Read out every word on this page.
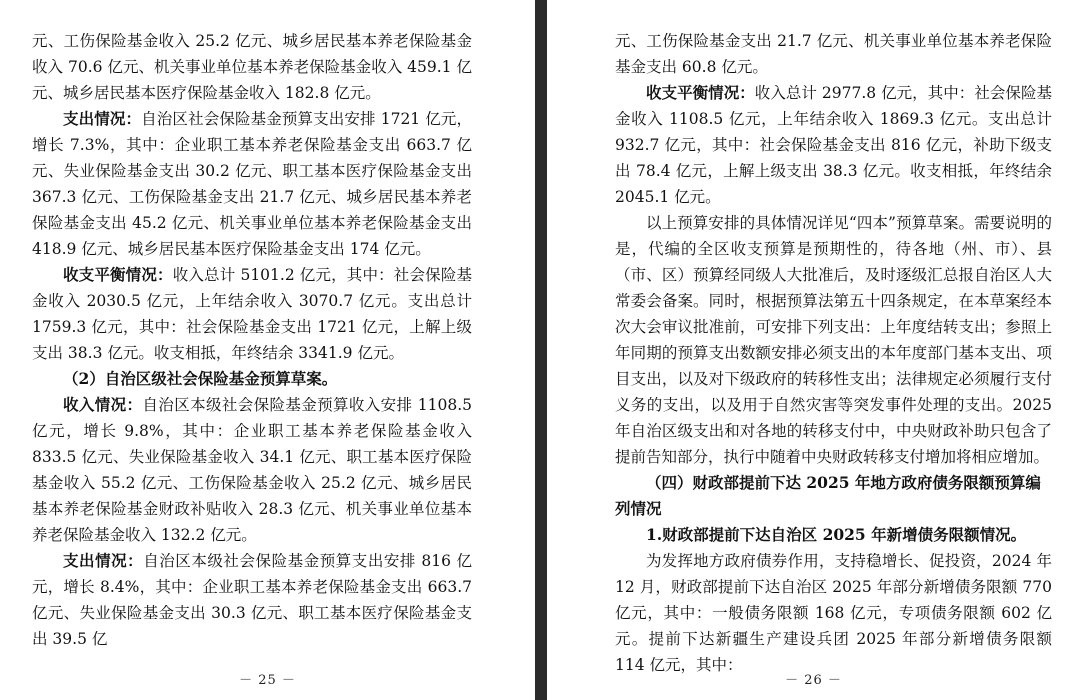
元、工伤保险基金收入 25.2 亿元、城乡居民基本养老保险基金收入 70.6 亿元、机关事业单位基本养老保险基金收入 459.1 亿元、城乡居民基本医疗保险基金收入 182.8 亿元。

支出情况：自治区社会保险基金预算支出安排 1721 亿元，增长 7.3%，其中：企业职工基本养老保险基金支出 663.7 亿元、失业保险基金支出 30.2 亿元、职工基本医疗保险基金支出 367.3 亿元、工伤保险基金支出 21.7 亿元、城乡居民基本养老保险基金支出 45.2 亿元、机关事业单位基本养老保险基金支出 418.9 亿元、城乡居民基本医疗保险基金支出 174 亿元。

收支平衡情况：收入总计 5101.2 亿元，其中：社会保险基金收入 2030.5 亿元，上年结余收入 3070.7 亿元。支出总计 1759.3 亿元，其中：社会保险基金支出 1721 亿元，上解上级支出 38.3 亿元。收支相抵，年终结余 3341.9 亿元。

（2）自治区级社会保险基金预算草案。

收入情况：自治区本级社会保险基金预算收入安排 1108.5 亿元，增长 9.8%，其中：企业职工基本养老保险基金收入 833.5 亿元、失业保险基金收入 34.1 亿元、职工基本医疗保险基金收入 55.2 亿元、工伤保险基金收入 25.2 亿元、城乡居民基本养老保险基金财政补贴收入 28.3 亿元、机关事业单位基本养老保险基金收入 132.2 亿元。

支出情况：自治区本级社会保险基金预算支出安排 816 亿元，增长 8.4%，其中：企业职工基本养老保险基金支出 663.7 亿元、失业保险基金支出 30.3 亿元、职工基本医疗保险基金支出 39.5 亿

－ 25 －	－ 26 －

元、工伤保险基金支出 21.7 亿元、机关事业单位基本养老保险基金支出 60.8 亿元。

收支平衡情况：收入总计 2977.8 亿元，其中：社会保险基金收入 1108.5 亿元，上年结余收入 1869.3 亿元。支出总计 932.7 亿元，其中：社会保险基金支出 816 亿元，补助下级支出 78.4 亿元，上解上级支出 38.3 亿元。收支相抵，年终结余 2045.1 亿元。

以上预算安排的具体情况详见“四本”预算草案。需要说明的是，代编的全区收支预算是预期性的，待各地（州、市）、县（市、区）预算经同级人大批准后，及时逐级汇总报自治区人大常委会备案。同时，根据预算法第五十四条规定，在本草案经本次大会审议批准前，可安排下列支出：上年度结转支出；参照上年同期的预算支出数额安排必须支出的本年度部门基本支出、项目支出，以及对下级政府的转移性支出；法律规定必须履行支付义务的支出，以及用于自然灾害等突发事件处理的支出。2025 年自治区级支出和对各地的转移支付中，中央财政补助只包含了提前告知部分，执行中随着中央财政转移支付增加将相应增加。

（四）财政部提前下达 2025 年地方政府债务限额预算编列情况

1.财政部提前下达自治区 2025 年新增债务限额情况。

为发挥地方政府债券作用，支持稳增长、促投资，2024 年 12 月，财政部提前下达自治区 2025 年部分新增债务限额 770 亿元，其中：一般债务限额 168 亿元，专项债务限额 602 亿元。提前下达新疆生产建设兵团 2025 年部分新增债务限额 114 亿元，其中：
